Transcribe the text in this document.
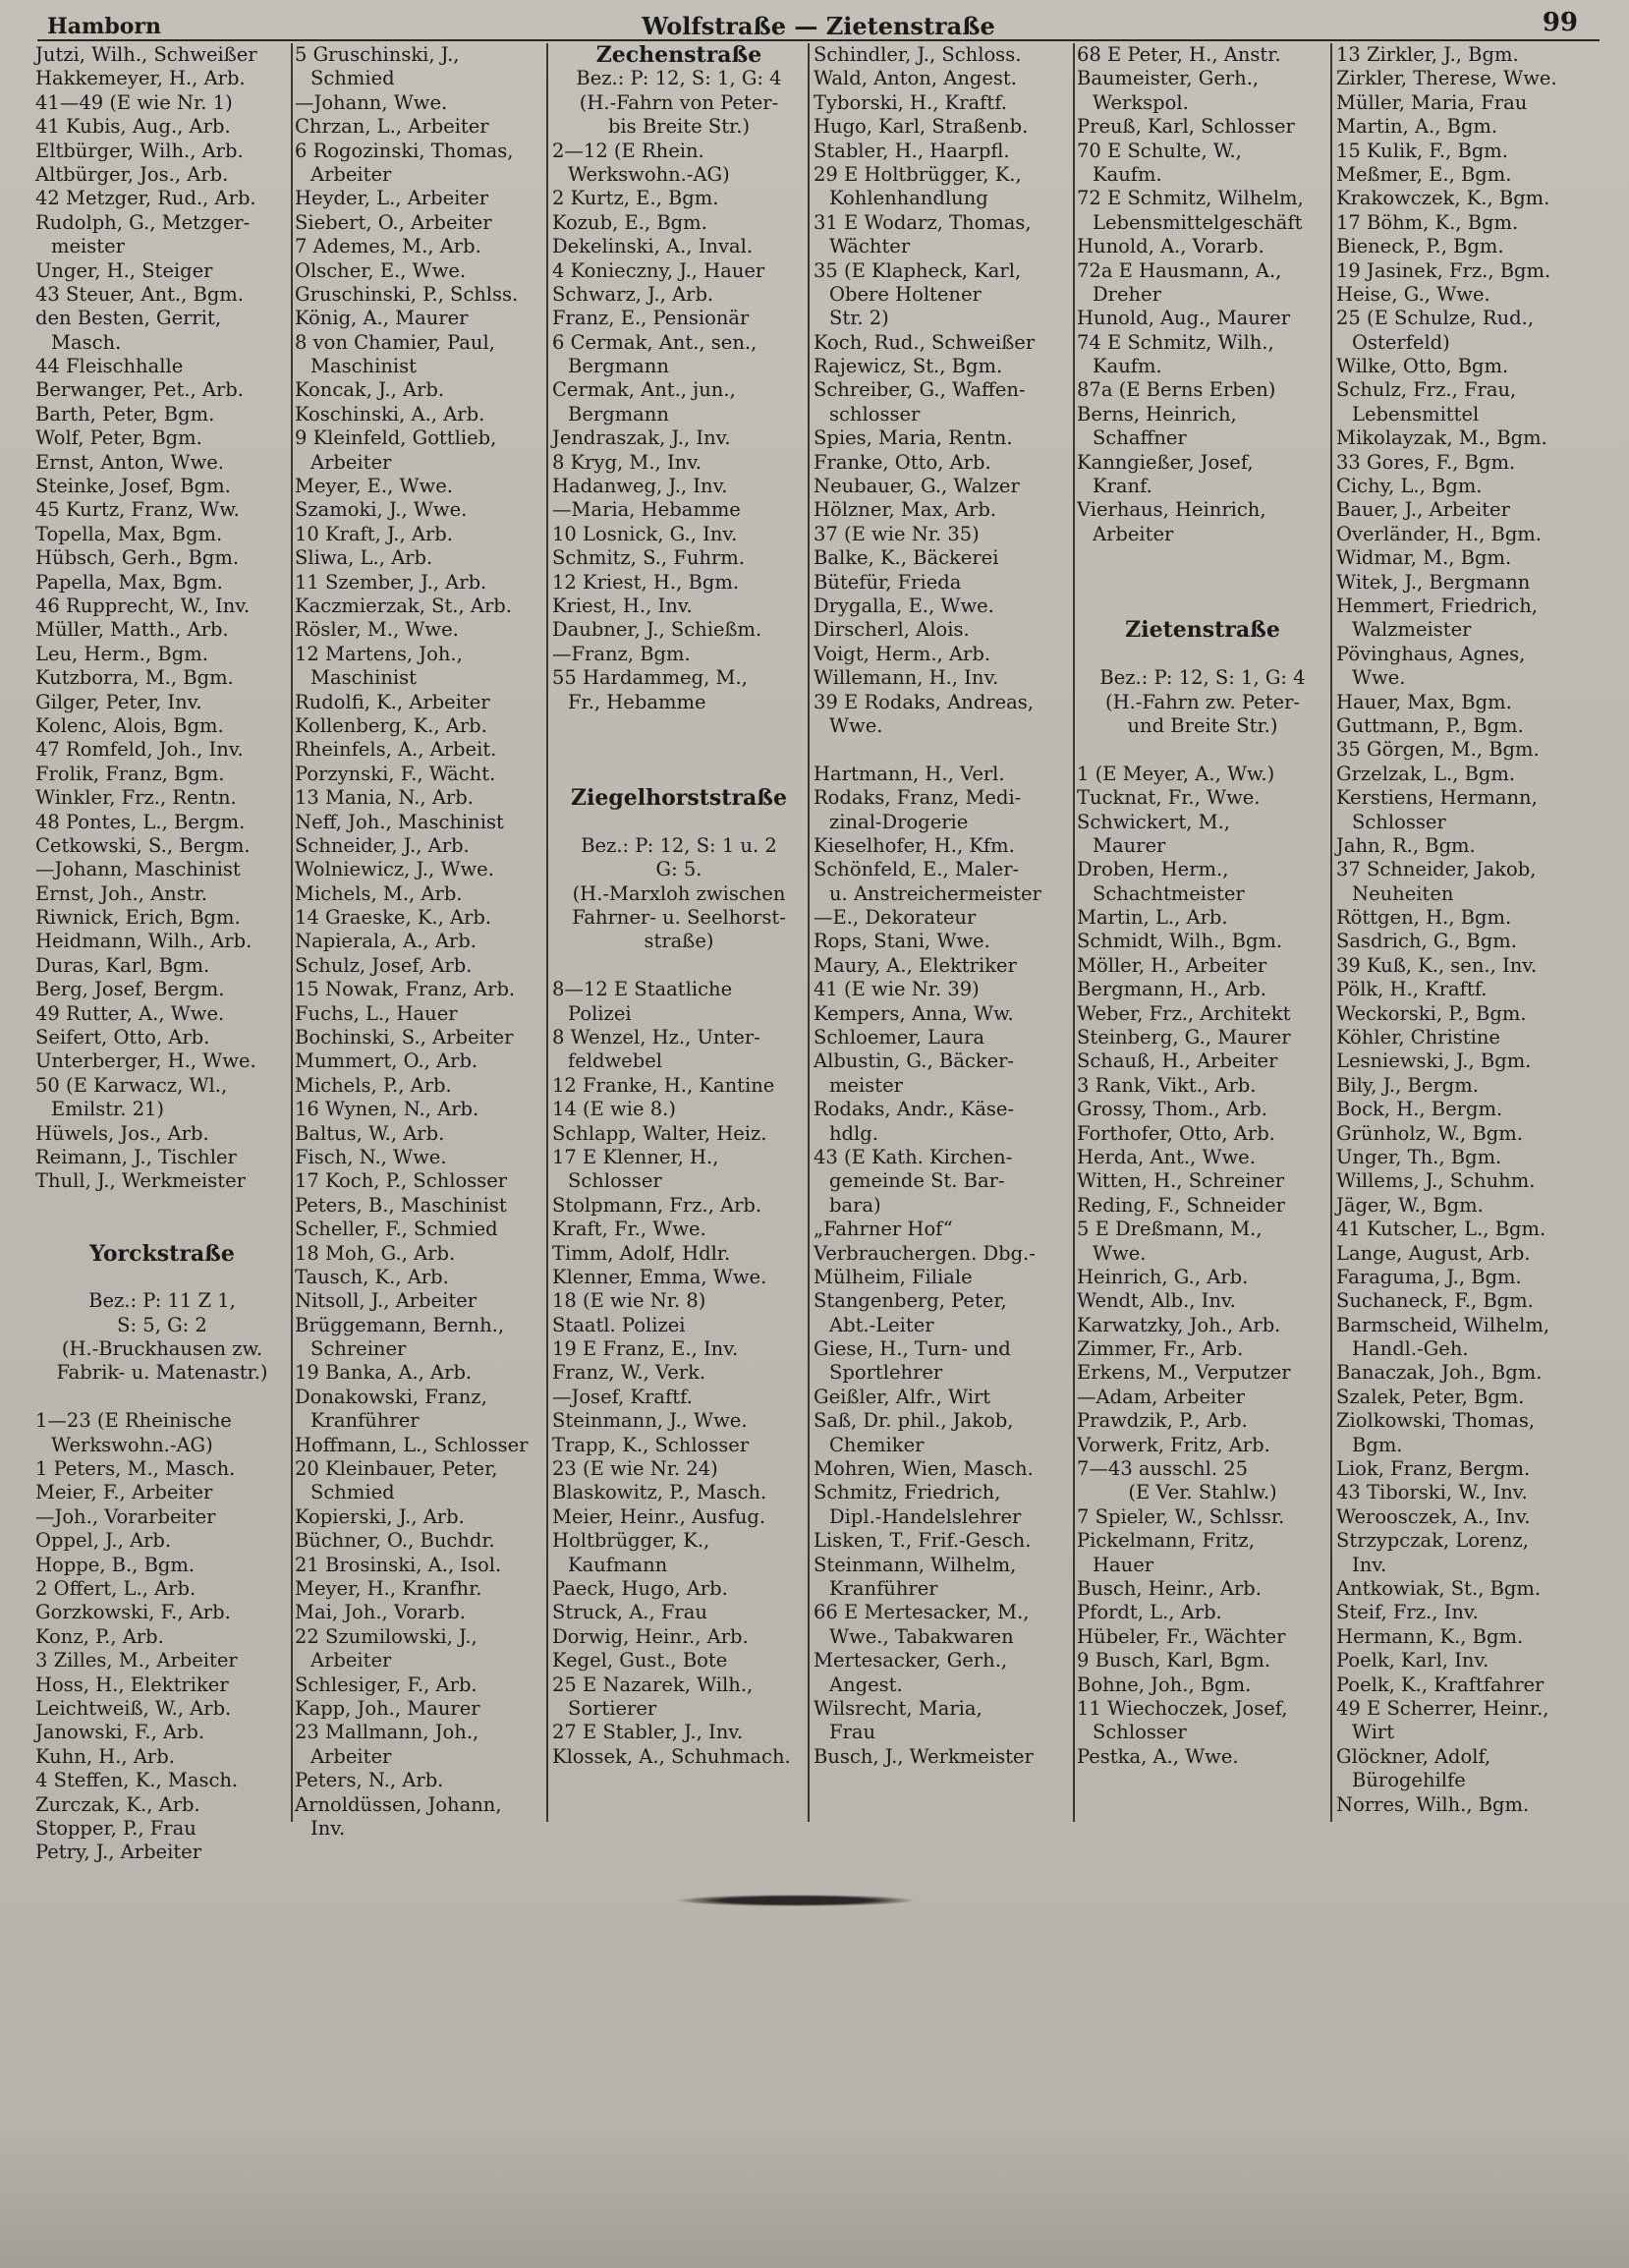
Hamborn	Wolfstraße — Zietenstraße	99
Jutzi, Wilh., Schweißer
Hakkemeyer, H., Arb.
41—49 (E wie Nr. 1)
41 Kubis, Aug., Arb.
Eltbürger, Wilh., Arb.
Altbürger, Jos., Arb.
42 Metzger, Rud., Arb.
Rudolph, G., Metzger-
meister
Unger, H., Steiger
43 Steuer, Ant., Bgm.
den Besten, Gerrit,
Masch.
44 Fleischhalle
Berwanger, Pet., Arb.
Barth, Peter, Bgm.
Wolf, Peter, Bgm.
Ernst, Anton, Wwe.
Steinke, Josef, Bgm.
45 Kurtz, Franz, Ww.
Topella, Max, Bgm.
Hübsch, Gerh., Bgm.
Papella, Max, Bgm.
46 Rupprecht, W., Inv.
Müller, Matth., Arb.
Leu, Herm., Bgm.
Kutzborra, M., Bgm.
Gilger, Peter, Inv.
Kolenc, Alois, Bgm.
47 Romfeld, Joh., Inv.
Frolik, Franz, Bgm.
Winkler, Frz., Rentn.
48 Pontes, L., Bergm.
Cetkowski, S., Bergm.
—Johann, Maschinist
Ernst, Joh., Anstr.
Riwnick, Erich, Bgm.
Heidmann, Wilh., Arb.
Duras, Karl, Bgm.
Berg, Josef, Bergm.
49 Rutter, A., Wwe.
Seifert, Otto, Arb.
Unterberger, H., Wwe.
50 (E Karwacz, Wl.,
Emilstr. 21)
Hüwels, Jos., Arb.
Reimann, J., Tischler
Thull, J., Werkmeister
Yorckstraße
Bez.: P: 11 Z 1,
S: 5, G: 2
(H.-Bruckhausen zw.
Fabrik- u. Matenastr.)
1—23 (E Rheinische
Werkswohn.-AG)
1 Peters, M., Masch.
Meier, F., Arbeiter
—Joh., Vorarbeiter
Oppel, J., Arb.
Hoppe, B., Bgm.
2 Offert, L., Arb.
Gorzkowski, F., Arb.
Konz, P., Arb.
3 Zilles, M., Arbeiter
Hoss, H., Elektriker
Leichtweiß, W., Arb.
Janowski, F., Arb.
Kuhn, H., Arb.
4 Steffen, K., Masch.
Zurczak, K., Arb.
Stopper, P., Frau
Petry, J., Arbeiter
5 Gruschinski, J.,
Schmied
—Johann, Wwe.
Chrzan, L., Arbeiter
6 Rogozinski, Thomas,
Arbeiter
Heyder, L., Arbeiter
Siebert, O., Arbeiter
7 Ademes, M., Arb.
Olscher, E., Wwe.
Gruschinski, P., Schlss.
König, A., Maurer
8 von Chamier, Paul,
Maschinist
Koncak, J., Arb.
Koschinski, A., Arb.
9 Kleinfeld, Gottlieb,
Arbeiter
Meyer, E., Wwe.
Szamoki, J., Wwe.
10 Kraft, J., Arb.
Sliwa, L., Arb.
11 Szember, J., Arb.
Kaczmierzak, St., Arb.
Rösler, M., Wwe.
12 Martens, Joh.,
Maschinist
Rudolfi, K., Arbeiter
Kollenberg, K., Arb.
Rheinfels, A., Arbeit.
Porzynski, F., Wächt.
13 Mania, N., Arb.
Neff, Joh., Maschinist
Schneider, J., Arb.
Wolniewicz, J., Wwe.
Michels, M., Arb.
14 Graeske, K., Arb.
Napierala, A., Arb.
Schulz, Josef, Arb.
15 Nowak, Franz, Arb.
Fuchs, L., Hauer
Bochinski, S., Arbeiter
Mummert, O., Arb.
Michels, P., Arb.
16 Wynen, N., Arb.
Baltus, W., Arb.
Fisch, N., Wwe.
17 Koch, P., Schlosser
Peters, B., Maschinist
Scheller, F., Schmied
18 Moh, G., Arb.
Tausch, K., Arb.
Nitsoll, J., Arbeiter
Brüggemann, Bernh.,
Schreiner
19 Banka, A., Arb.
Donakowski, Franz,
Kranführer
Hoffmann, L., Schlosser
20 Kleinbauer, Peter,
Schmied
Kopierski, J., Arb.
Büchner, O., Buchdr.
21 Brosinski, A., Isol.
Meyer, H., Kranfhr.
Mai, Joh., Vorarb.
22 Szumilowski, J.,
Arbeiter
Schlesiger, F., Arb.
Kapp, Joh., Maurer
23 Mallmann, Joh.,
Arbeiter
Peters, N., Arb.
Arnoldüssen, Johann,
Inv.
Zechenstraße
Bez.: P: 12, S: 1, G: 4
(H.-Fahrn von Peter-
bis Breite Str.)
2—12 (E Rhein.
Werkswohn.-AG)
2 Kurtz, E., Bgm.
Kozub, E., Bgm.
Dekelinski, A., Inval.
4 Konieczny, J., Hauer
Schwarz, J., Arb.
Franz, E., Pensionär
6 Cermak, Ant., sen.,
Bergmann
Cermak, Ant., jun.,
Bergmann
Jendraszak, J., Inv.
8 Kryg, M., Inv.
Hadanweg, J., Inv.
—Maria, Hebamme
10 Losnick, G., Inv.
Schmitz, S., Fuhrm.
12 Kriest, H., Bgm.
Kriest, H., Inv.
Daubner, J., Schießm.
—Franz, Bgm.
55 Hardammeg, M.,
Fr., Hebamme
Ziegelhorststraße
Bez.: P: 12, S: 1 u. 2
G: 5.
(H.-Marxloh zwischen
Fahrner- u. Seelhorst-
straße)
8—12 E Staatliche
Polizei
8 Wenzel, Hz., Unter-
feldwebel
12 Franke, H., Kantine
14 (E wie 8.)
Schlapp, Walter, Heiz.
17 E Klenner, H.,
Schlosser
Stolpmann, Frz., Arb.
Kraft, Fr., Wwe.
Timm, Adolf, Hdlr.
Klenner, Emma, Wwe.
18 (E wie Nr. 8)
Staatl. Polizei
19 E Franz, E., Inv.
Franz, W., Verk.
—Josef, Kraftf.
Steinmann, J., Wwe.
Trapp, K., Schlosser
23 (E wie Nr. 24)
Blaskowitz, P., Masch.
Meier, Heinr., Ausfug.
Holtbrügger, K.,
Kaufmann
Paeck, Hugo, Arb.
Struck, A., Frau
Dorwig, Heinr., Arb.
Kegel, Gust., Bote
25 E Nazarek, Wilh.,
Sortierer
27 E Stabler, J., Inv.
Klossek, A., Schuhmach.
Schindler, J., Schloss.
Wald, Anton, Angest.
Tyborski, H., Kraftf.
Hugo, Karl, Straßenb.
Stabler, H., Haarpfl.
29 E Holtbrügger, K.,
Kohlenhandlung
31 E Wodarz, Thomas,
Wächter
35 (E Klapheck, Karl,
Obere Holtener
Str. 2)
Koch, Rud., Schweißer
Rajewicz, St., Bgm.
Schreiber, G., Waffen-
schlosser
Spies, Maria, Rentn.
Franke, Otto, Arb.
Neubauer, G., Walzer
Hölzner, Max, Arb.
37 (E wie Nr. 35)
Balke, K., Bäckerei
Bütefür, Frieda
Drygalla, E., Wwe.
Dirscherl, Alois.
Voigt, Herm., Arb.
Willemann, H., Inv.
39 E Rodaks, Andreas,
Wwe.
Hartmann, H., Verl.
Rodaks, Franz, Medi-
zinal-Drogerie
Kieselhofer, H., Kfm.
Schönfeld, E., Maler-
u. Anstreichermeister
—E., Dekorateur
Rops, Stani, Wwe.
Maury, A., Elektriker
41 (E wie Nr. 39)
Kempers, Anna, Ww.
Schloemer, Laura
Albustin, G., Bäcker-
meister
Rodaks, Andr., Käse-
hdlg.
43 (E Kath. Kirchen-
gemeinde St. Bar-
bara)
„Fahrner Hof“
Verbrauchergen. Dbg.-
Mülheim, Filiale
Stangenberg, Peter,
Abt.-Leiter
Giese, H., Turn- und
Sportlehrer
Geißler, Alfr., Wirt
Saß, Dr. phil., Jakob,
Chemiker
Mohren, Wien, Masch.
Schmitz, Friedrich,
Dipl.-Handelslehrer
Lisken, T., Frif.-Gesch.
Steinmann, Wilhelm,
Kranführer
66 E Mertesacker, M.,
Wwe., Tabakwaren
Mertesacker, Gerh.,
Angest.
Wilsrecht, Maria,
Frau
Busch, J., Werkmeister
68 E Peter, H., Anstr.
Baumeister, Gerh.,
Werkspol.
Preuß, Karl, Schlosser
70 E Schulte, W.,
Kaufm.
72 E Schmitz, Wilhelm,
Lebensmittelgeschäft
Hunold, A., Vorarb.
72a E Hausmann, A.,
Dreher
Hunold, Aug., Maurer
74 E Schmitz, Wilh.,
Kaufm.
87a (E Berns Erben)
Berns, Heinrich,
Schaffner
Kanngießer, Josef,
Kranf.
Vierhaus, Heinrich,
Arbeiter
Zietenstraße
Bez.: P: 12, S: 1, G: 4
(H.-Fahrn zw. Peter-
und Breite Str.)
1 (E Meyer, A., Ww.)
Tucknat, Fr., Wwe.
Schwickert, M.,
Maurer
Droben, Herm.,
Schachtmeister
Martin, L., Arb.
Schmidt, Wilh., Bgm.
Möller, H., Arbeiter
Bergmann, H., Arb.
Weber, Frz., Architekt
Steinberg, G., Maurer
Schauß, H., Arbeiter
3 Rank, Vikt., Arb.
Grossy, Thom., Arb.
Forthofer, Otto, Arb.
Herda, Ant., Wwe.
Witten, H., Schreiner
Reding, F., Schneider
5 E Dreßmann, M.,
Wwe.
Heinrich, G., Arb.
Wendt, Alb., Inv.
Karwatzky, Joh., Arb.
Zimmer, Fr., Arb.
Erkens, M., Verputzer
—Adam, Arbeiter
Prawdzik, P., Arb.
Vorwerk, Fritz, Arb.
7—43 ausschl. 25
(E Ver. Stahlw.)
7 Spieler, W., Schlssr.
Pickelmann, Fritz,
Hauer
Busch, Heinr., Arb.
Pfordt, L., Arb.
Hübeler, Fr., Wächter
9 Busch, Karl, Bgm.
Bohne, Joh., Bgm.
11 Wiechoczek, Josef,
Schlosser
Pestka, A., Wwe.
13 Zirkler, J., Bgm.
Zirkler, Therese, Wwe.
Müller, Maria, Frau
Martin, A., Bgm.
15 Kulik, F., Bgm.
Meßmer, E., Bgm.
Krakowczek, K., Bgm.
17 Böhm, K., Bgm.
Bieneck, P., Bgm.
19 Jasinek, Frz., Bgm.
Heise, G., Wwe.
25 (E Schulze, Rud.,
Osterfeld)
Wilke, Otto, Bgm.
Schulz, Frz., Frau,
Lebensmittel
Mikolayzak, M., Bgm.
33 Gores, F., Bgm.
Cichy, L., Bgm.
Bauer, J., Arbeiter
Overländer, H., Bgm.
Widmar, M., Bgm.
Witek, J., Bergmann
Hemmert, Friedrich,
Walzmeister
Pövinghaus, Agnes,
Wwe.
Hauer, Max, Bgm.
Guttmann, P., Bgm.
35 Görgen, M., Bgm.
Grzelzak, L., Bgm.
Kerstiens, Hermann,
Schlosser
Jahn, R., Bgm.
37 Schneider, Jakob,
Neuheiten
Röttgen, H., Bgm.
Sasdrich, G., Bgm.
39 Kuß, K., sen., Inv.
Pölk, H., Kraftf.
Weckorski, P., Bgm.
Köhler, Christine
Lesniewski, J., Bgm.
Bily, J., Bergm.
Bock, H., Bergm.
Grünholz, W., Bgm.
Unger, Th., Bgm.
Willems, J., Schuhm.
Jäger, W., Bgm.
41 Kutscher, L., Bgm.
Lange, August, Arb.
Faraguma, J., Bgm.
Suchaneck, F., Bgm.
Barmscheid, Wilhelm,
Handl.-Geh.
Banaczak, Joh., Bgm.
Szalek, Peter, Bgm.
Ziolkowski, Thomas,
Bgm.
Liok, Franz, Bergm.
43 Tiborski, W., Inv.
Weroosczek, A., Inv.
Strzypczak, Lorenz,
Inv.
Antkowiak, St., Bgm.
Steif, Frz., Inv.
Hermann, K., Bgm.
Poelk, Karl, Inv.
Poelk, K., Kraftfahrer
49 E Scherrer, Heinr.,
Wirt
Glöckner, Adolf,
Bürogehilfe
Norres, Wilh., Bgm.
